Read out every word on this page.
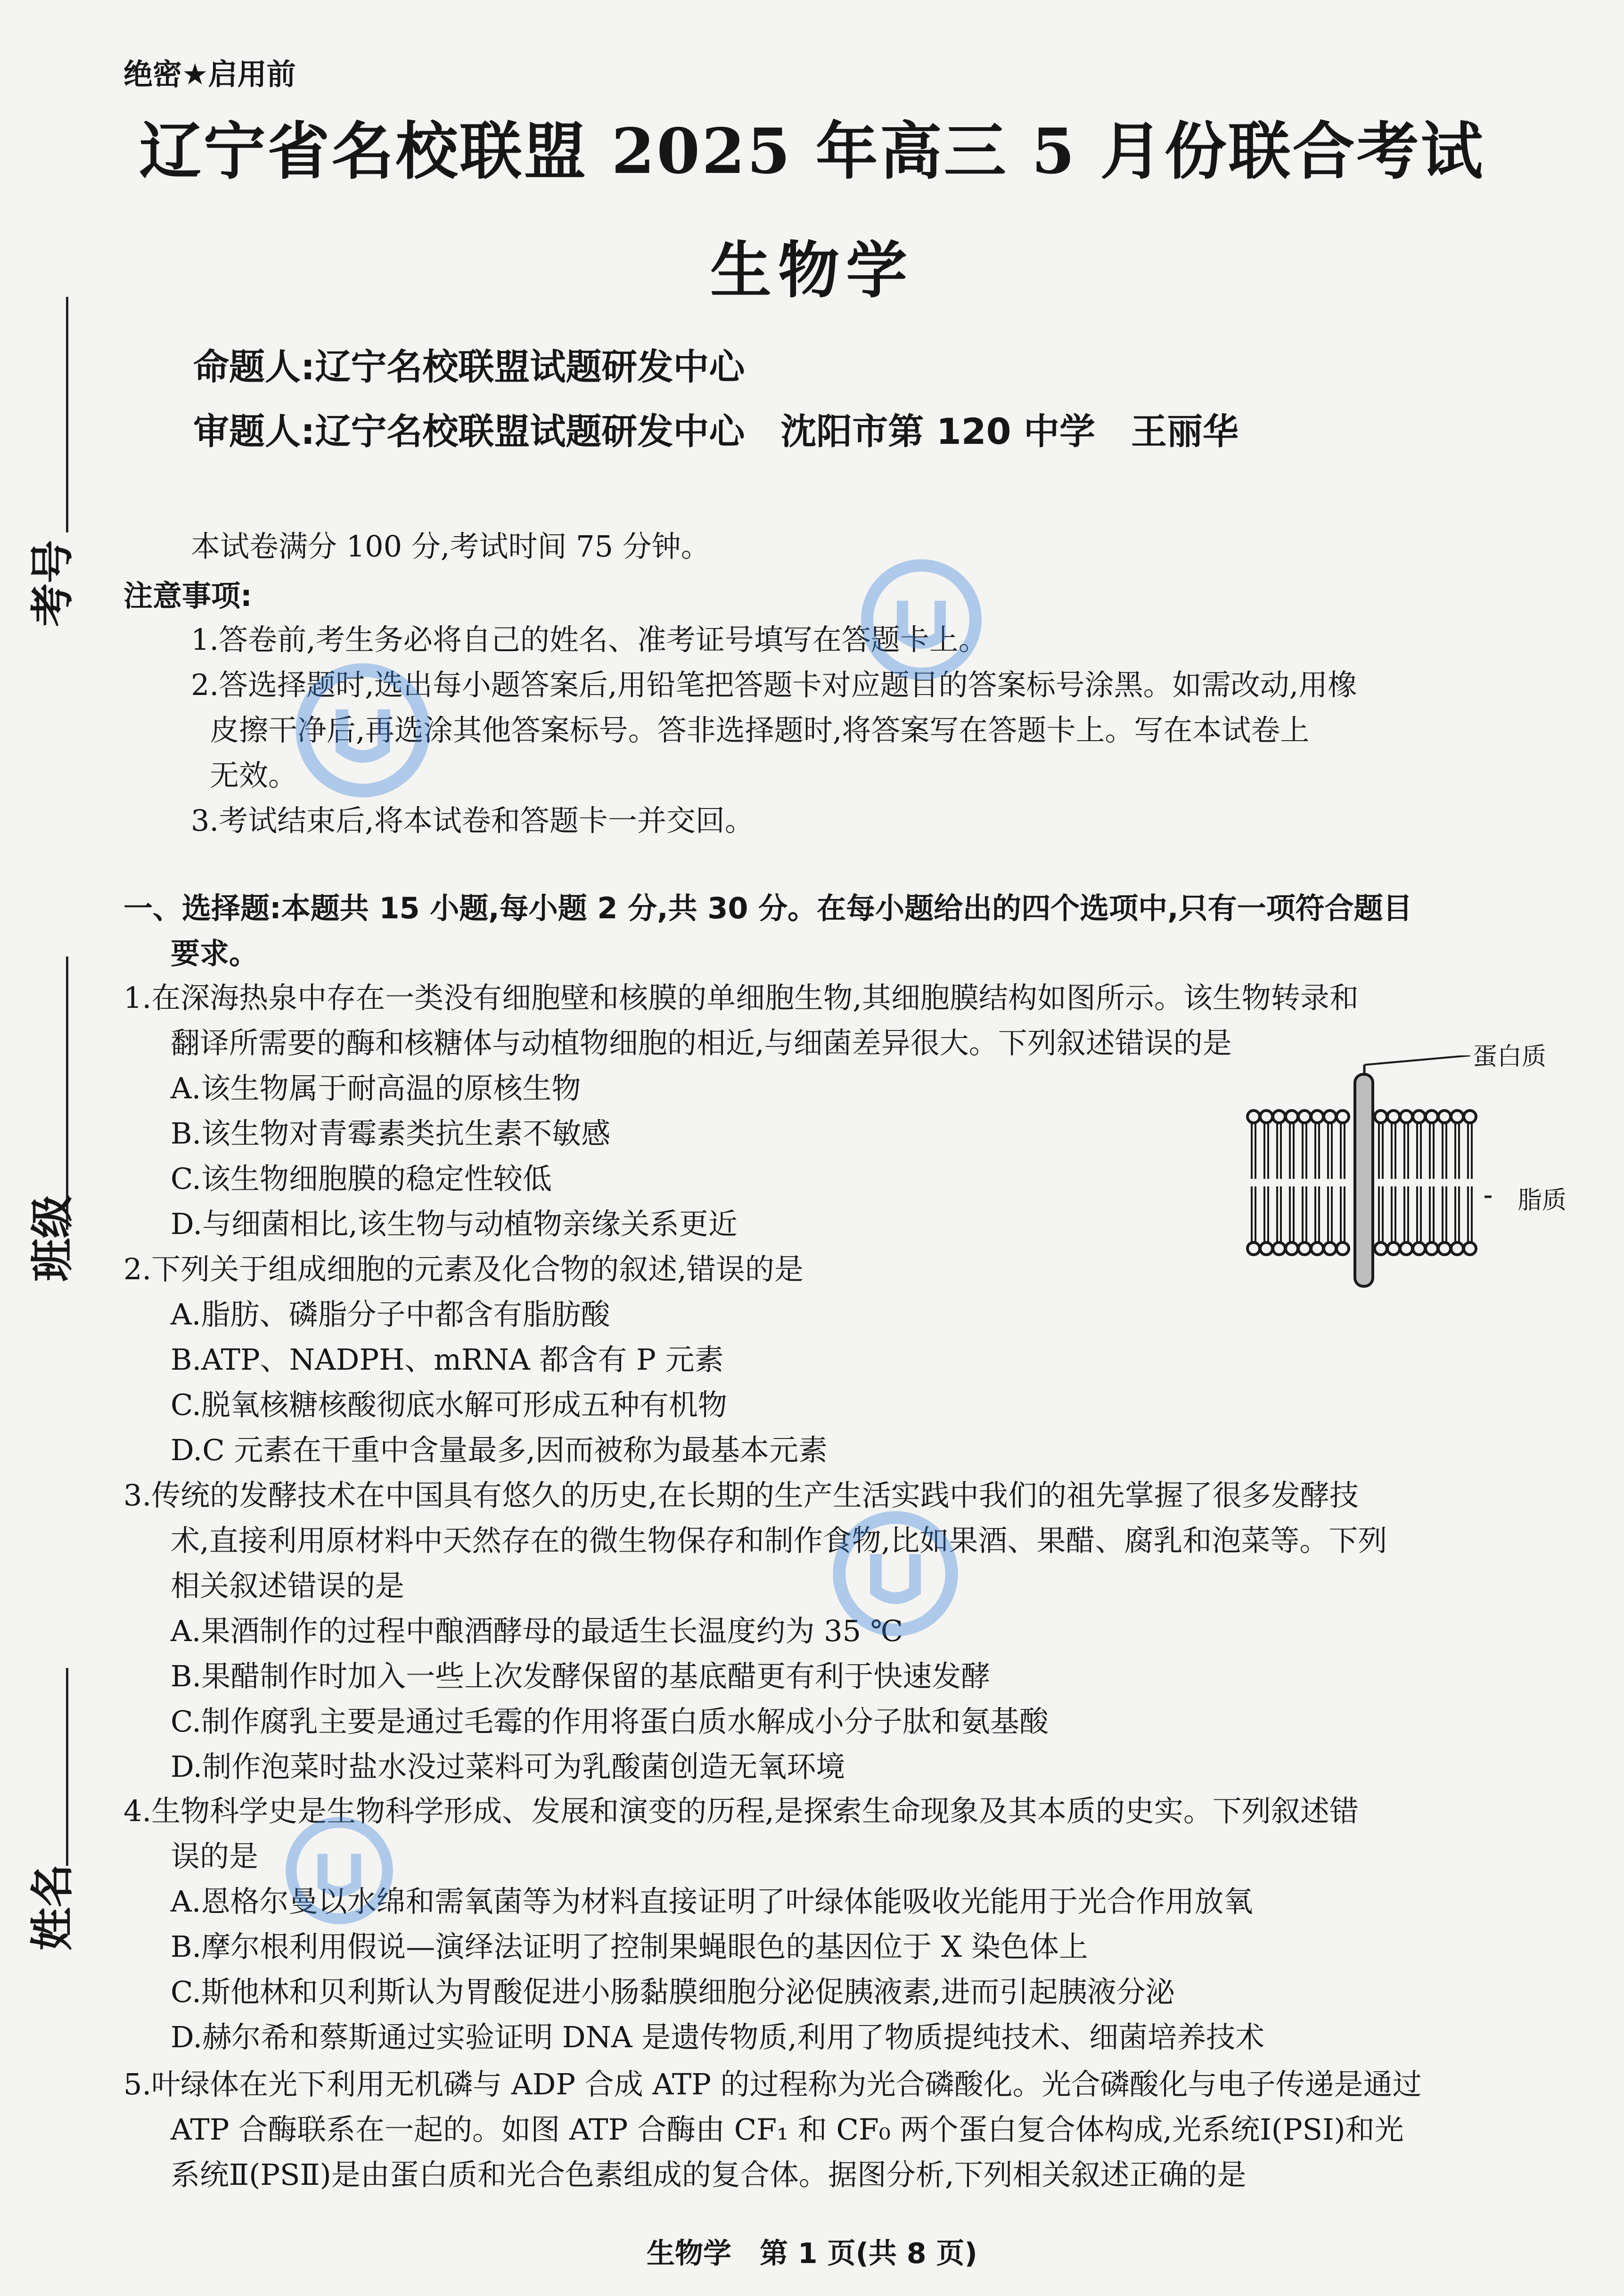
绝密★启用前
辽宁省名校联盟 2025 年高三 5 月份联合考试
生物学
命题人:辽宁名校联盟试题研发中心
审题人:辽宁名校联盟试题研发中心　沈阳市第 120 中学　王丽华
考号
班级
姓名
本试卷满分 100 分,考试时间 75 分钟。
注意事项:
1.答卷前,考生务必将自己的姓名、准考证号填写在答题卡上。
2.答选择题时,选出每小题答案后,用铅笔把答题卡对应题目的答案标号涂黑。如需改动,用橡
皮擦干净后,再选涂其他答案标号。答非选择题时,将答案写在答题卡上。写在本试卷上
无效。
3.考试结束后,将本试卷和答题卡一并交回。
一、选择题:本题共 15 小题,每小题 2 分,共 30 分。在每小题给出的四个选项中,只有一项符合题目
要求。
1.在深海热泉中存在一类没有细胞壁和核膜的单细胞生物,其细胞膜结构如图所示。该生物转录和
翻译所需要的酶和核糖体与动植物细胞的相近,与细菌差异很大。下列叙述错误的是
A.该生物属于耐高温的原核生物
B.该生物对青霉素类抗生素不敏感
C.该生物细胞膜的稳定性较低
D.与细菌相比,该生物与动植物亲缘关系更近
蛋白质
脂质
2.下列关于组成细胞的元素及化合物的叙述,错误的是
A.脂肪、磷脂分子中都含有脂肪酸
B.ATP、NADPH、mRNA 都含有 P 元素
C.脱氧核糖核酸彻底水解可形成五种有机物
D.C 元素在干重中含量最多,因而被称为最基本元素
3.传统的发酵技术在中国具有悠久的历史,在长期的生产生活实践中我们的祖先掌握了很多发酵技
术,直接利用原材料中天然存在的微生物保存和制作食物,比如果酒、果醋、腐乳和泡菜等。下列
相关叙述错误的是
A.果酒制作的过程中酿酒酵母的最适生长温度约为 35 ℃
B.果醋制作时加入一些上次发酵保留的基底醋更有利于快速发酵
C.制作腐乳主要是通过毛霉的作用将蛋白质水解成小分子肽和氨基酸
D.制作泡菜时盐水没过菜料可为乳酸菌创造无氧环境
4.生物科学史是生物科学形成、发展和演变的历程,是探索生命现象及其本质的史实。下列叙述错
误的是
A.恩格尔曼以水绵和需氧菌等为材料直接证明了叶绿体能吸收光能用于光合作用放氧
B.摩尔根利用假说—演绎法证明了控制果蝇眼色的基因位于 X 染色体上
C.斯他林和贝利斯认为胃酸促进小肠黏膜细胞分泌促胰液素,进而引起胰液分泌
D.赫尔希和蔡斯通过实验证明 DNA 是遗传物质,利用了物质提纯技术、细菌培养技术
5.叶绿体在光下利用无机磷与 ADP 合成 ATP 的过程称为光合磷酸化。光合磷酸化与电子传递是通过
ATP 合酶联系在一起的。如图 ATP 合酶由 CF₁ 和 CF₀ 两个蛋白复合体构成,光系统Ⅰ(PSⅠ)和光
系统Ⅱ(PSⅡ)是由蛋白质和光合色素组成的复合体。据图分析,下列相关叙述正确的是
生物学　第 1 页(共 8 页)
